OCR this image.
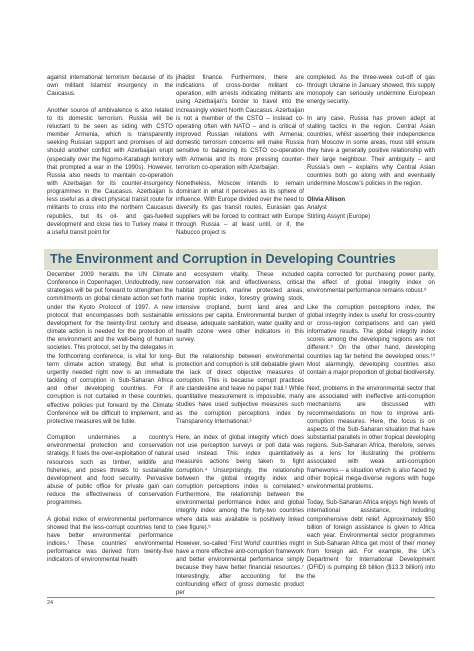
against international terrorism because of its own militant Islamist insurgency in the Caucasus.

Another source of ambivalence is also related to its domestic terrorism. Russia will be reluctant to be seen as siding with CSTO member Armenia, which is transparently seeking Russian support and promises of aid should another conflict with Azerbaijan erupt (especially over the Ngorno-Karabagh territory that prompted a war in the 1990s). However, Russia also needs to maintain co-operation with Azerbaijan for its counter-insurgency programmes in the Caucasus. Azerbaijan is less useful as a direct physical transit route for militants to cross into the northern Caucasus republics, but its oil- and gas-fuelled development and close ties to Turkey make it a useful transit point for

jihadist finance. Furthermore, there are indications of cross-border militant co-operation, with arrests indicating militants are using Azerbaijan’s border to travel into the increasingly violent North Caucasus. Azerbaijan is not a member of the CSTO – instead co-operating often with NATO – and is critical of improved Russian relations with Armenia; domestic terrorism concerns will make Russia sensitive to balancing its CSTO co-operation with Armenia and its more pressing counter-terrorism co-operation with Azerbaijan.

Nonetheless, Moscow intends to remain dominant in what it perceives as its sphere of influence. With Europe divided over the need to diversify its gas transit routes, Eurasian gas suppliers will be forced to contract with Europe through Russia – at least until, or if, the Nabucco project is

completed. As the three-week cut-off of gas through Ukraine in January showed, this supply monopoly can seriously undermine European energy security.

In any case, Russia has proven adept at stalling tactics in the region. Central Asian countries, whilst asserting their independence from Moscow in some areas, must still ensure they have a generally positive relationship with their large neighbour. Their ambiguity – and Russia’s own – explains why Central Asian countries both go along with and eventually undermine Moscow’s policies in the region.

Olivia Allison
Analyst
Stirling Assynt (Europe)
The Environment and Corruption in Developing Countries

December 2009 heralds the UN Climate Conference in Copenhagen. Undoubtedly, new strategies will be put forward to strengthen the commitments on global climate action set forth under the Kyoto Protocol of 1997. A new protocol that encompasses both sustainable development for the twenty-first century and climate action is needed for the protection of the environment and the well-being of human societies. This protocol, set by the delegates in the forthcoming conference, is vital for long-term climate action strategy. But what is urgently needed right now is an immediate tackling of corruption in Sub-Saharan Africa and other developing countries. For if corruption is not curtailed in these countries, effective policies put forward by the Climate Conference will be difficult to implement, and protective measures will be futile.

Corruption undermines a country’s environmental protection and conservation strategy. It fuels the over-exploitation of natural resources such as timber, wildlife and fisheries, and poses threats to sustainable development and food security. Pervasive abuse of public office for private gain can reduce the effectiveness of conservation programmes.

A global index of environmental performance showed that the less-corrupt countries tend to have better environmental performance indices.¹ These countries’ environmental performance was derived from twenty-five indicators of environmental health

and ecosystem vitality. These included conservation risk and effectiveness, critical habitat protection, marine protected areas, marine trophic index, forestry growing stock, intensive cropland, burnt land area and emissions per capita. Environmental burden of disease, adequate sanitation, water quality and health ozone were other indicators in this survey.

But the relationship between environmental protection and corruption is still debatable given the lack of direct objective measures of corruption. This is because corrupt practices are clandestine and leave no paper trail.² While quantitative measurement is impossible, many studies have used subjective measures such as the corruption perceptions index by Transparency International.³

Here, an index of global integrity which does not use perception surveys or poll data was used instead. This index quantitatively measures actions being taken to fight corruption.⁴ Unsurprisingly, the relationship between the global integrity index and corruption perceptions index is correlated.⁵ Furthermore, the relationship between the environmental performance index and global integrity index among the forty-two countries where data was available is positively linked (see figure).⁶

However, so-called ‘First World’ countries might have a more effective anti-corruption framework and better environmental performance simply because they have better financial resources.⁷ Interestingly, after accounting for the confounding effect of gross domestic product per

capita corrected for purchasing power parity, the effect of global integrity index on environmental performance remains robust.⁸

Like the corruption perceptions index, the global integrity index is useful for cross-country or cross-region comparisons and can yield informative results. The global integrity index scores among the developing regions are not different.⁹ On the other hand, developing countries lag far behind the developed ones.¹⁰ Most alarmingly, developing countries also contain a major proportion of global biodiversity.

Next, problems in the environmental sector that are associated with ineffective anti-corruption mechanisms are discussed with recommendations on how to improve anti-corruption measures. Here, the focus is on aspects of the Sub-Saharan situation that have substantial parallels in other tropical developing regions. Sub-Saharan Africa, therefore, serves as a lens for illustrating the problems associated with weak anti-corruption frameworks – a situation which is also faced by other tropical mega-diverse regions with huge environmental problems.

Today, Sub-Saharan Africa enjoys high levels of international assistance, including comprehensive debt relief. Approximately $50 billion of foreign assistance is given to Africa each year. Environmental sector programmes in Sub-Saharan Africa get most of their money from foreign aid. For example, the UK’s Department for International Development (DFID) is pumping £8 billion ($13.3 billion) into the

24
